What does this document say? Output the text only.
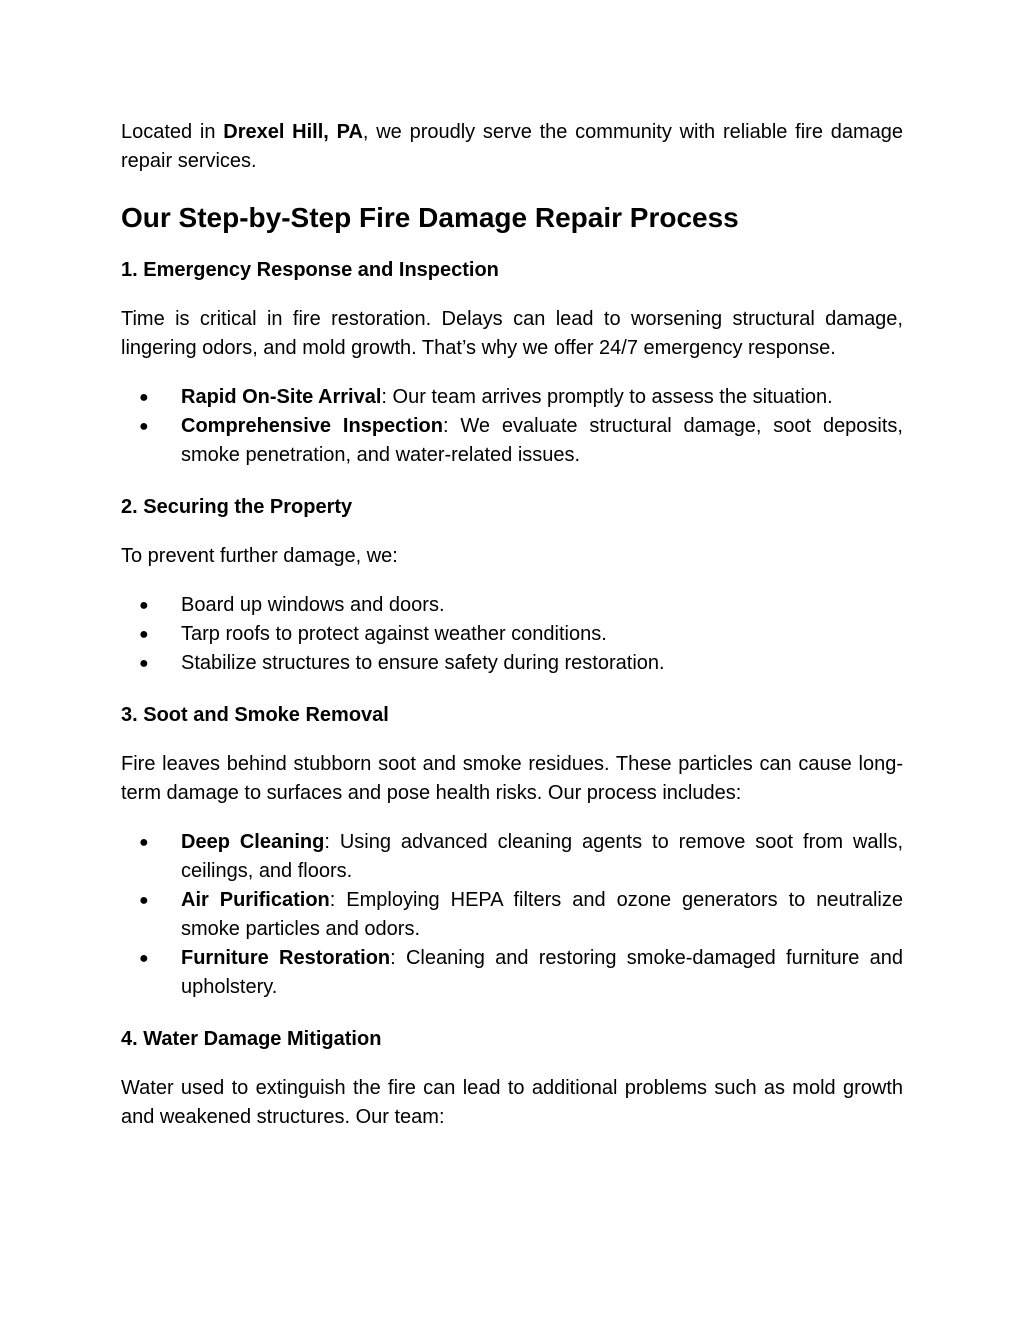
Located in Drexel Hill, PA, we proudly serve the community with reliable fire damage repair services.

Our Step-by-Step Fire Damage Repair Process
1. Emergency Response and Inspection

Time is critical in fire restoration. Delays can lead to worsening structural damage, lingering odors, and mold growth. That’s why we offer 24/7 emergency response.

● Rapid On-Site Arrival: Our team arrives promptly to assess the situation.
● Comprehensive Inspection: We evaluate structural damage, soot deposits, smoke penetration, and water-related issues.
2. Securing the Property

To prevent further damage, we:

● Board up windows and doors.
● Tarp roofs to protect against weather conditions.
● Stabilize structures to ensure safety during restoration.
3. Soot and Smoke Removal

Fire leaves behind stubborn soot and smoke residues. These particles can cause long-term damage to surfaces and pose health risks. Our process includes:

● Deep Cleaning: Using advanced cleaning agents to remove soot from walls, ceilings, and floors.
● Air Purification: Employing HEPA filters and ozone generators to neutralize smoke particles and odors.
● Furniture Restoration: Cleaning and restoring smoke-damaged furniture and upholstery.
4. Water Damage Mitigation

Water used to extinguish the fire can lead to additional problems such as mold growth and weakened structures. Our team:
